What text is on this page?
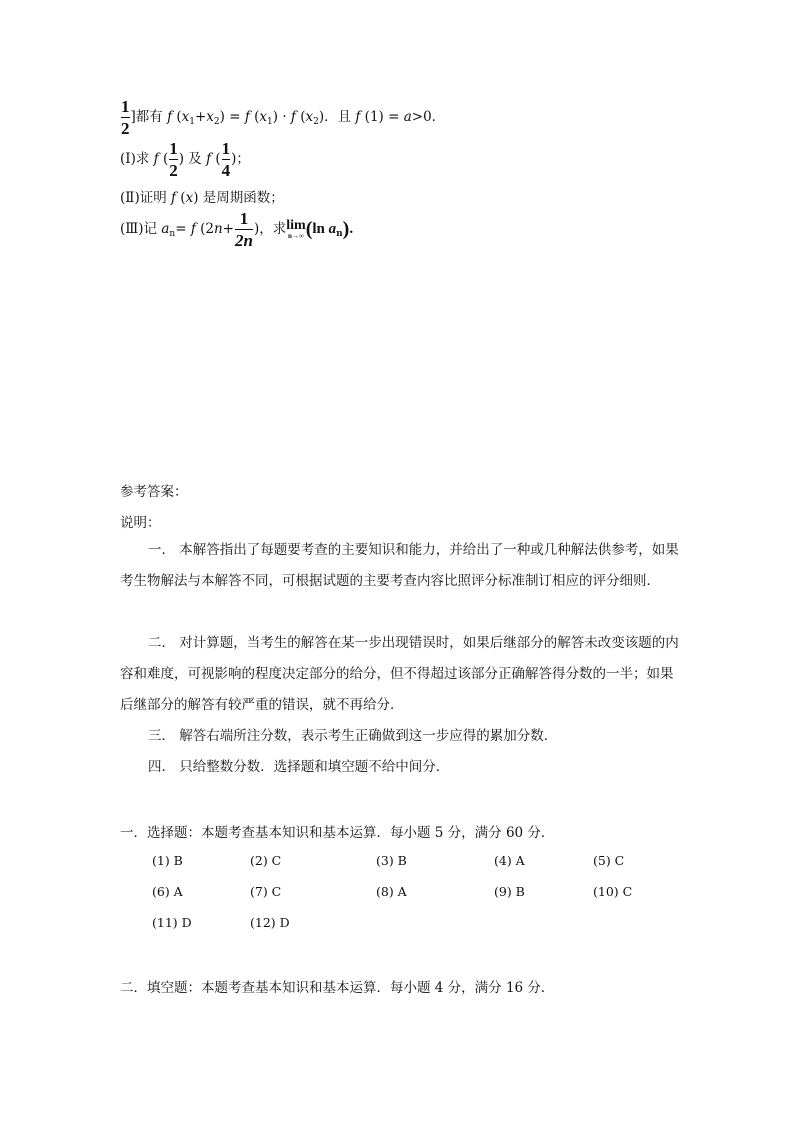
$\frac{1}{2}$ ]都有 f $(x_1+x_2) = f$ $(x_1) \cdot f$ $(x_2)$．且 f (1) = a>0．
(Ⅰ)求 f ( $\frac{1}{2}$ ) 及 f ( $\frac{1}{4}$ )；
(Ⅱ)证明 f (x) 是周期函数；
(Ⅲ)记 $a_n= f$ ($2n+ \frac{1}{2n}$ )，求 lim
n→∞ (ln $a_n$).
参考答案：
说明：
一． 本解答指出了每题要考查的主要知识和能力，并给出了一种或几种解法供参考，如果考生物解法与本解答不同，可根据试题的主要考查内容比照评分标准制订相应的评分细则．
二． 对计算题，当考生的解答在某一步出现错误时，如果后继部分的解答未改变该题的内容和难度，可视影响的程度决定部分的给分，但不得超过该部分正确解答得分数的一半；如果后继部分的解答有较严重的错误，就不再给分．
三． 解答右端所注分数，表示考生正确做到这一步应得的累加分数．
四． 只给整数分数．选择题和填空题不给中间分．
一．选择题：本题考查基本知识和基本运算．每小题 5 分，满分 60 分．
(1) B	(2) C	(3) B	(4) A	(5) C
(6) A	(7) C	(8) A	(9) B	(10) C
(11) D	(12) D
二．填空题：本题考查基本知识和基本运算．每小题 4 分，满分 16 分．
